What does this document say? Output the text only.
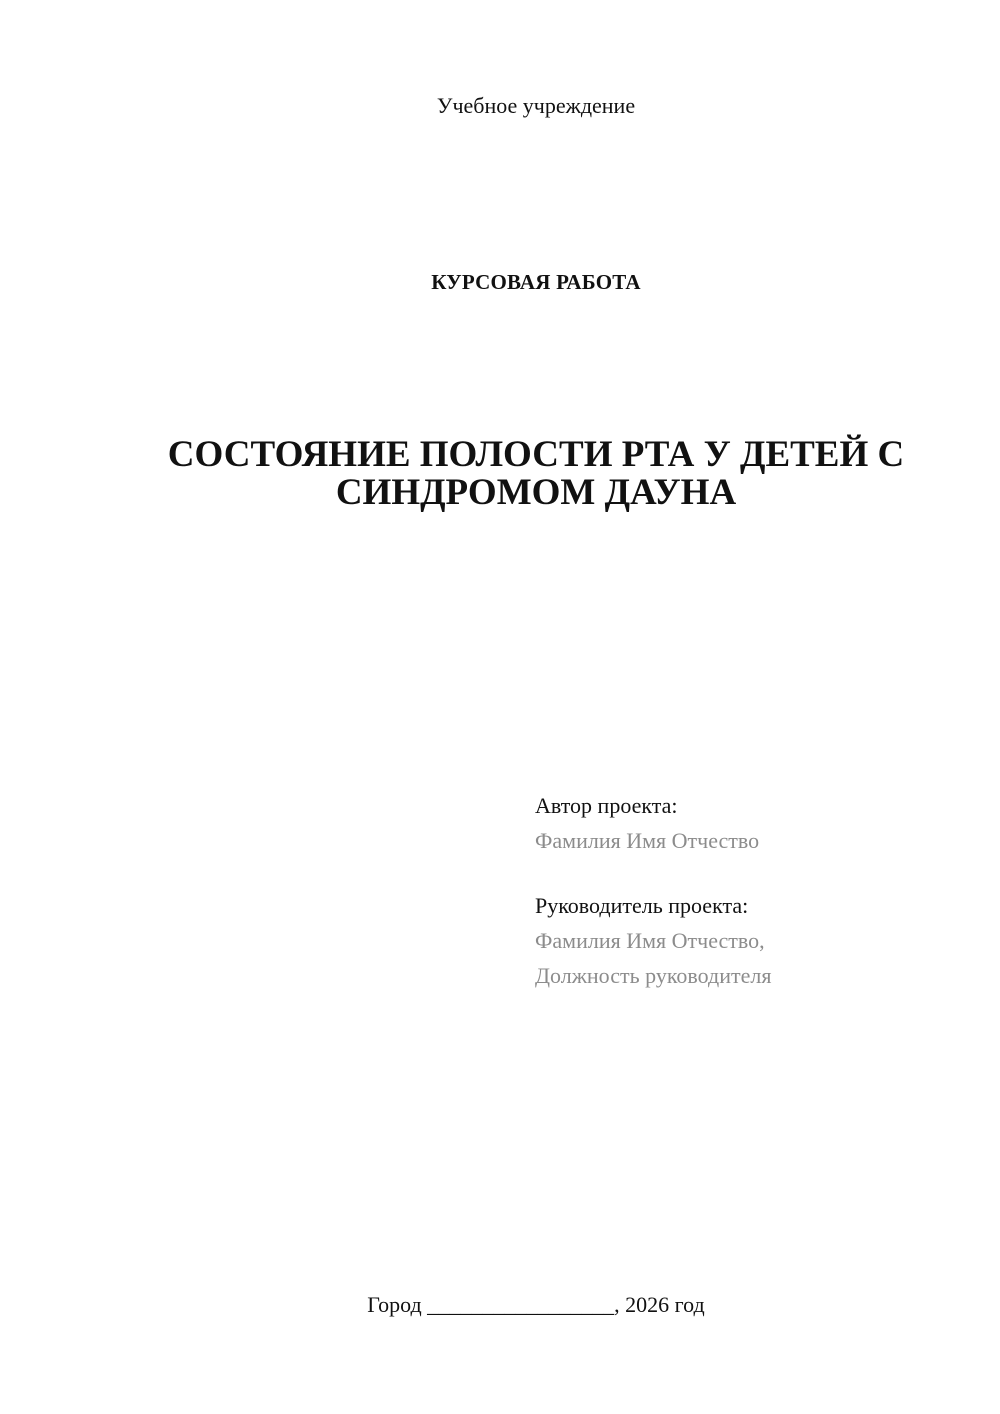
Учебное учреждение
КУРСОВАЯ РАБОТА
СОСТОЯНИЕ ПОЛОСТИ РТА У ДЕТЕЙ С
СИНДРОМОМ ДАУНА
Автор проекта:
Фамилия Имя Отчество
Руководитель проекта:
Фамилия Имя Отчество,
Должность руководителя
Город _________________, 2026 год
